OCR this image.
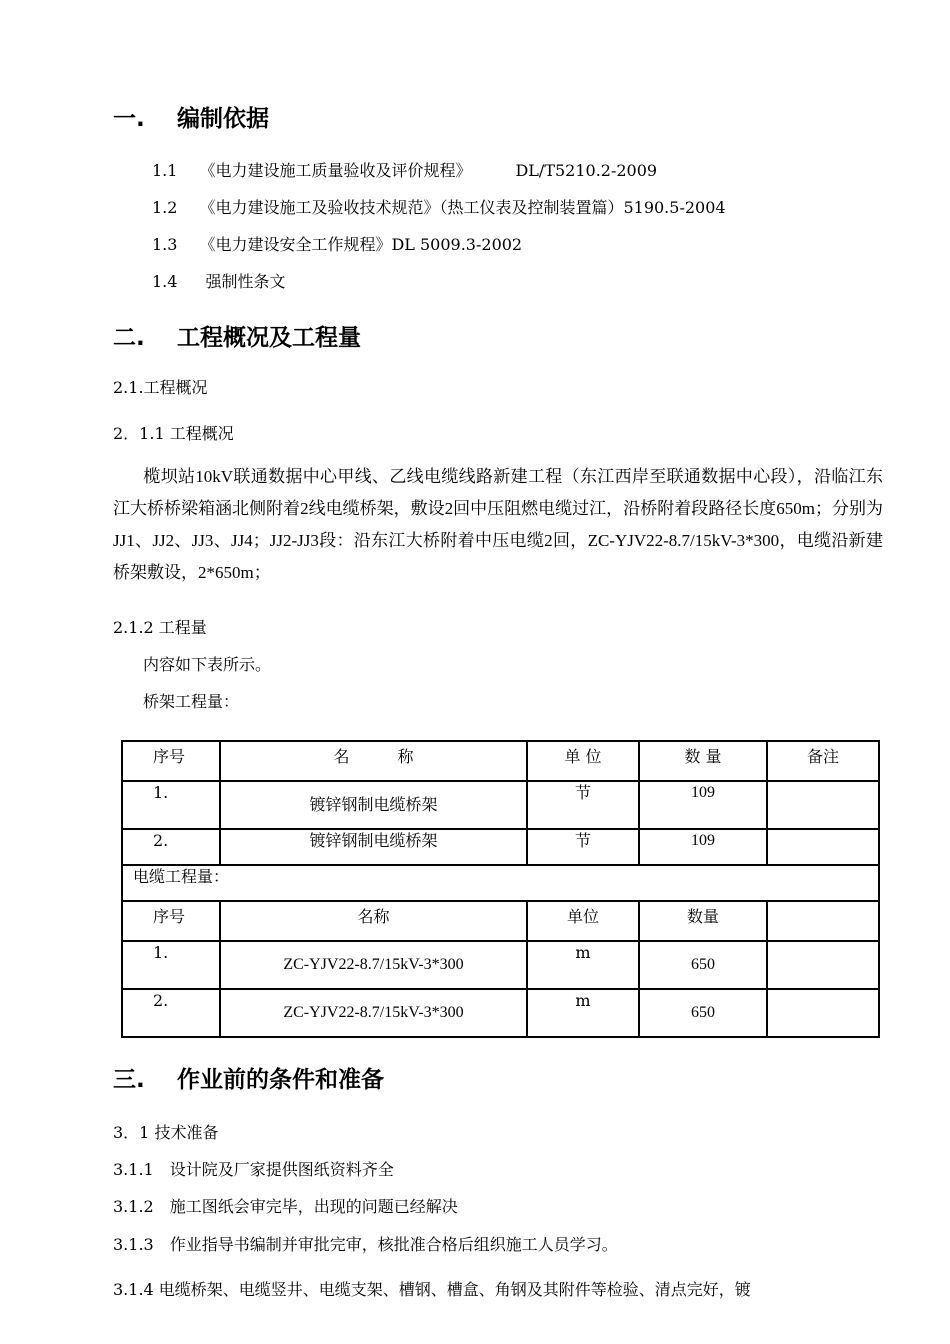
一. 编制依据
1.1 《电力建设施工质量验收及评价规程》	DL/T5210.2-2009
1.2 《电力建设施工及验收技术规范》（热工仪表及控制装置篇）5190.5-2004
1.3 《电力建设安全工作规程》DL 5009.3-2002
1.4 强制性条文
二. 工程概况及工程量
2.1.工程概况
2．1.1 工程概况
榄坝站10kV联通数据中心甲线、乙线电缆线路新建工程（东江西岸至联通数据中心段），沿临江东江大桥桥梁箱涵北侧附着2线电缆桥架，敷设2回中压阻燃电缆过江，沿桥附着段路径长度650m；分别为JJ1、JJ2、JJ3、JJ4；JJ2-JJ3段：沿东江大桥附着中压电缆2回，ZC-YJV22-8.7/15kV-3*300，电缆沿新建桥架敷设，2*650m；
2.1.2 工程量
内容如下表所示。
桥架工程量：
序号	名　　　称	单 位	数 量	备注
1.	镀锌钢制电缆桥架	节	109	
2.	镀锌钢制电缆桥架	节	109	
电缆工程量：				
序号	名称	单位	数量	
1.	ZC-YJV22-8.7/15kV-3*300	m	650	
2.	ZC-YJV22-8.7/15kV-3*300	m	650	
三. 作业前的条件和准备
3．1 技术准备
3.1.1　设计院及厂家提供图纸资料齐全
3.1.2　施工图纸会审完毕，出现的问题已经解决
3.1.3　作业指导书编制并审批完审，核批准合格后组织施工人员学习。
3.1.4 电缆桥架、电缆竖井、电缆支架、槽钢、槽盒、角钢及其附件等检验、清点完好，镀
